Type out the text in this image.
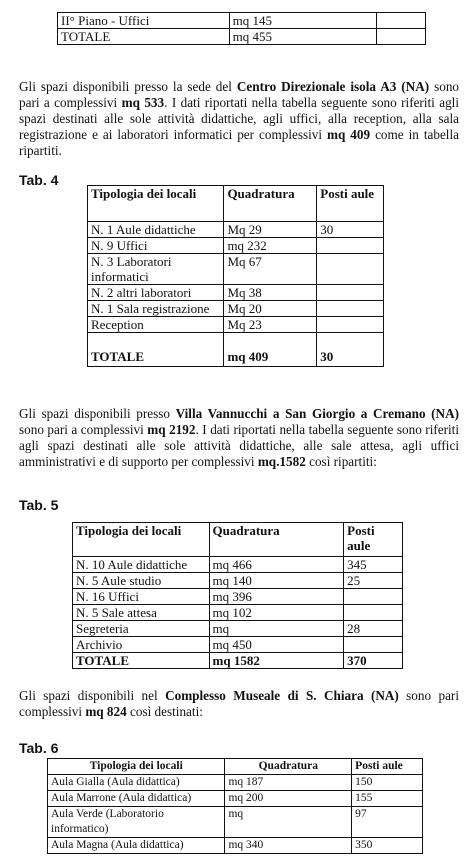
II° Piano - Uffici	mq 145	
TOTALE	mq 455	

Gli spazi disponibili presso la sede del Centro Direzionale isola A3 (NA) sono pari a complessivi mq 533. I dati riportati nella tabella seguente sono riferiti agli spazi destinati alle sole attività didattiche, agli uffici, alla reception, alla sala registrazione e ai laboratori informatici per complessivi mq 409 come in tabella ripartiti.

Tab. 4
Tipologia dei locali	Quadratura	Posti aule
N. 1 Aule didattiche	Mq 29	30
N. 9 Uffici	mq 232	
N. 3 Laboratori informatici	Mq 67	
N. 2 altri laboratori	Mq 38	
N. 1 Sala registrazione	Mq 20	
Reception	Mq 23	
TOTALE	mq 409	30

Gli spazi disponibili presso Villa Vannucchi a San Giorgio a Cremano (NA) sono pari a complessivi mq 2192. I dati riportati nella tabella seguente sono riferiti agli spazi destinati alle sole attività didattiche, alle sale attesa, agli uffici amministrativi e di supporto per complessivi mq.1582 così ripartiti:

Tab. 5
Tipologia dei locali	Quadratura	Posti aule
N. 10 Aule didattiche	mq 466	345
N. 5 Aule studio	mq 140	25
N. 16 Uffici	mq 396	
N. 5 Sale attesa	mq 102	
Segreteria	mq	28
Archivio	mq 450	
TOTALE	mq 1582	370

Gli spazi disponibili nel Complesso Museale di S. Chiara (NA) sono pari complessivi mq 824 così destinati:

Tab. 6
Tipologia dei locali	Quadratura	Posti aule
Aula Gialla (Aula didattica)	mq 187	150
Aula Marrone (Aula didattica)	mq 200	155
Aula Verde (Laboratorio informatico)	mq	97
Aula Magna (Aula didattica)	mq 340	350
